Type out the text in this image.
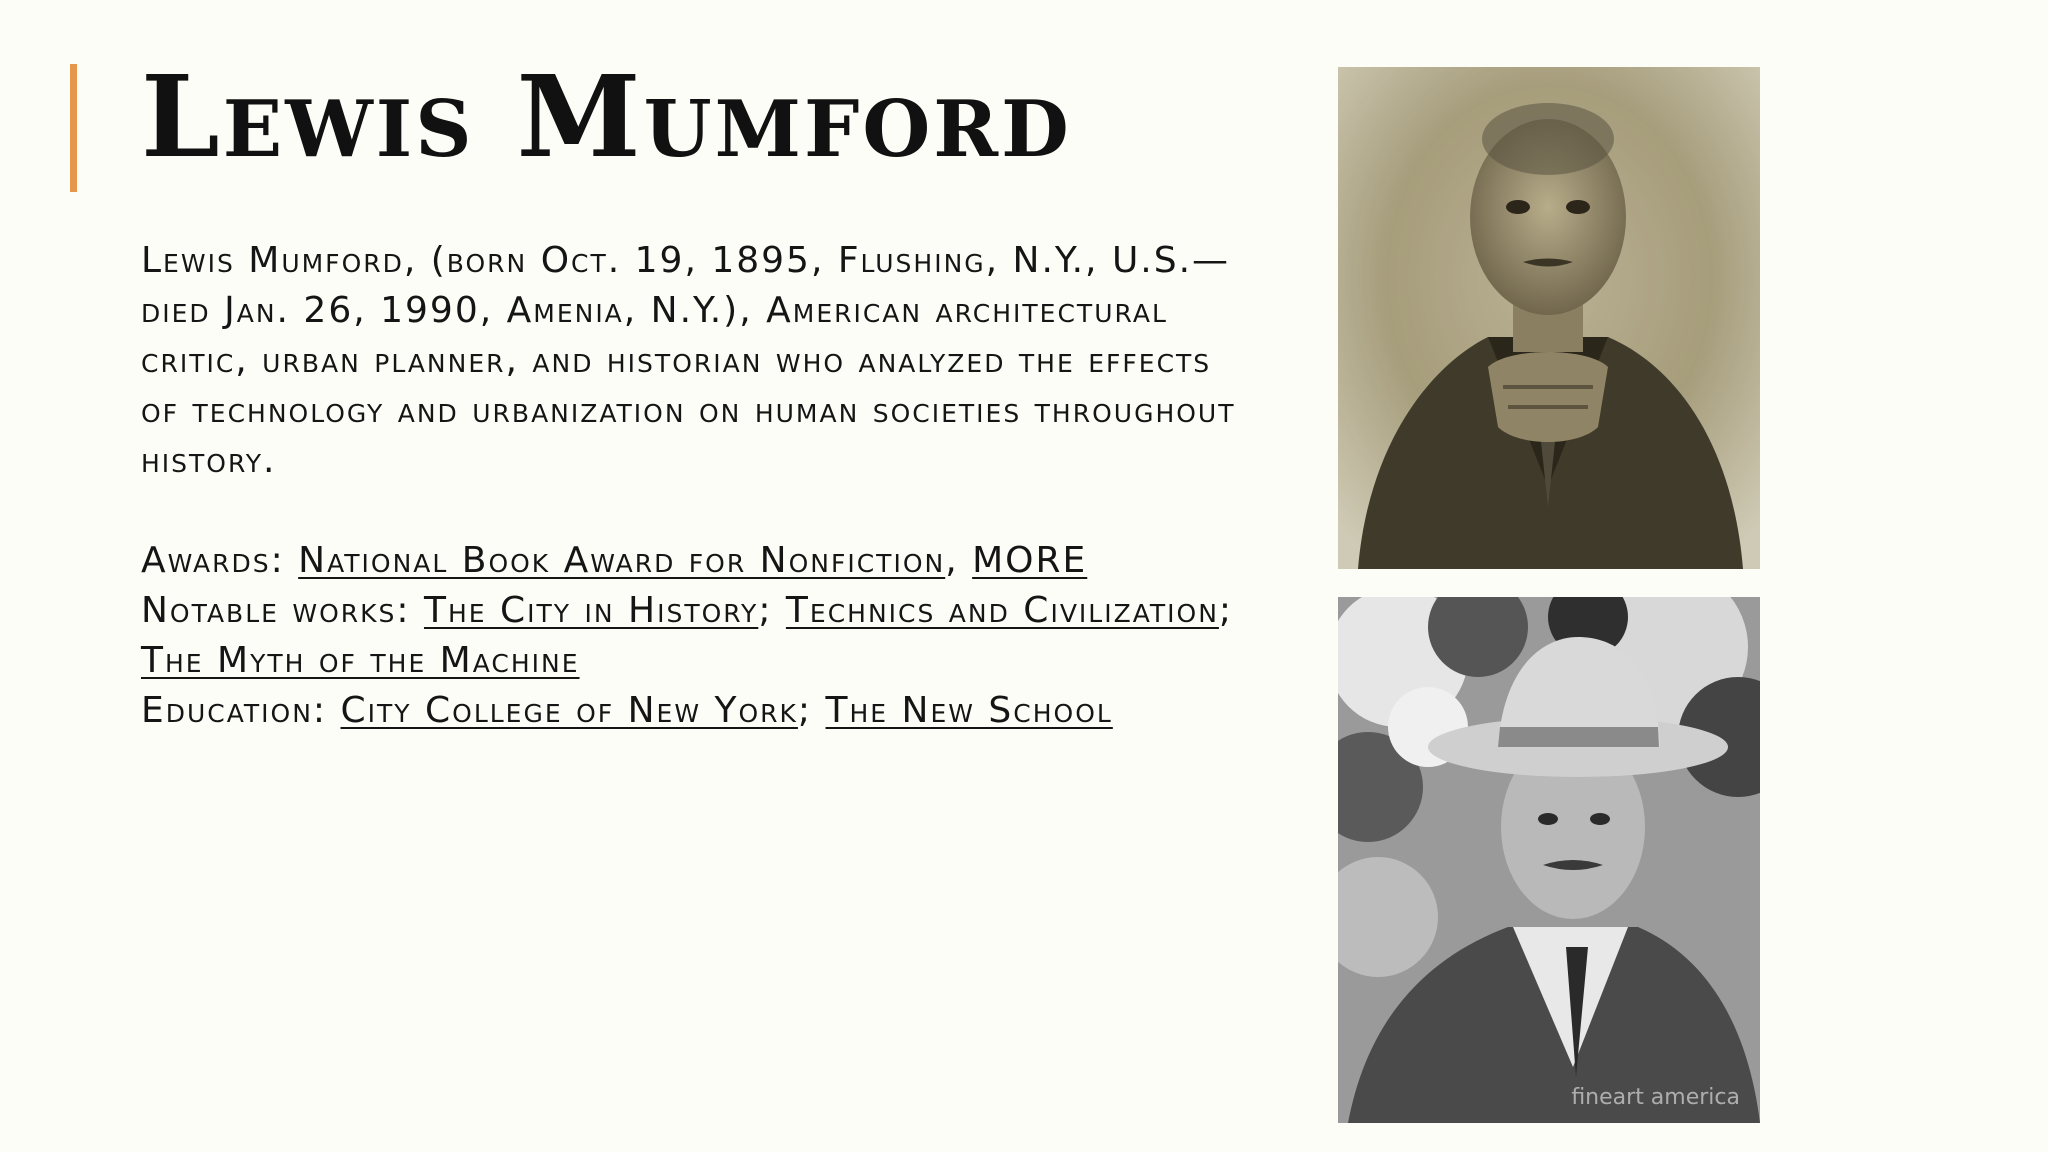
Lewis Mumford

Lewis Mumford, (born Oct. 19, 1895, Flushing, N.Y., U.S.—died Jan. 26, 1990, Amenia, N.Y.), American architectural critic, urban planner, and historian who analyzed the effects of technology and urbanization on human societies throughout history.

Awards: National Book Award for Nonfiction, MORE

Notable works: The City in History; Technics and Civilization; The Myth of the Machine

Education: City College of New York; The New School

fineart america
